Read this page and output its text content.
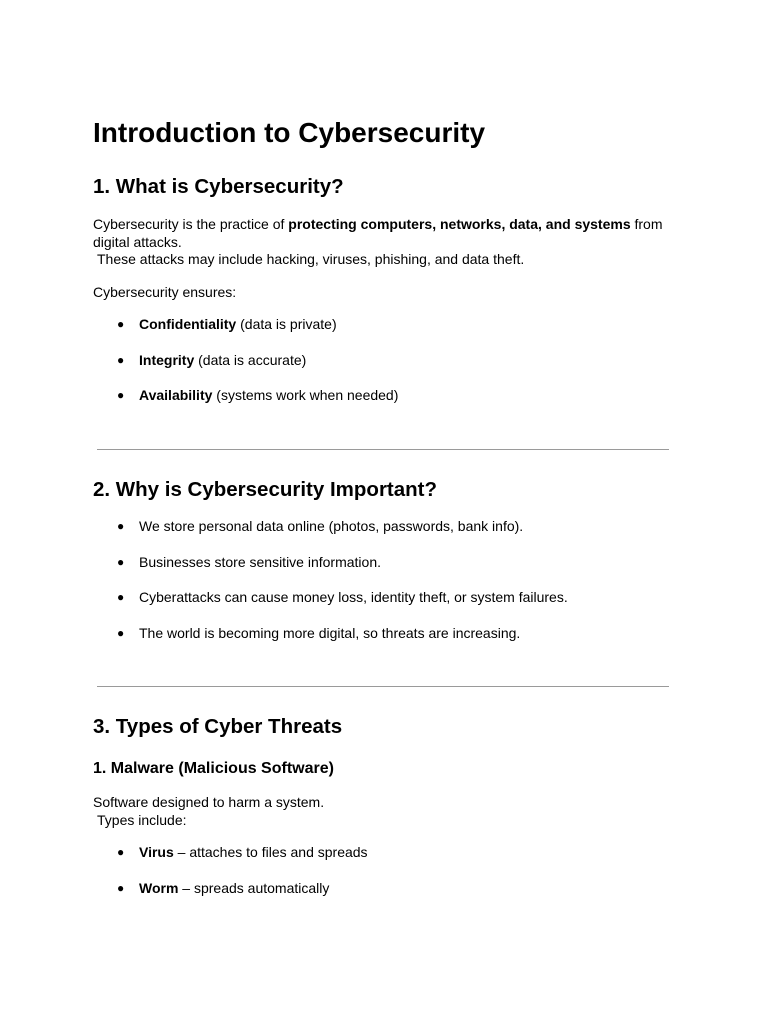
Introduction to Cybersecurity
1. What is Cybersecurity?

Cybersecurity is the practice of protecting computers, networks, data, and systems from
digital attacks.
These attacks may include hacking, viruses, phishing, and data theft.

Cybersecurity ensures:

● Confidentiality (data is private)
● Integrity (data is accurate)
● Availability (systems work when needed)
2. Why is Cybersecurity Important?
● We store personal data online (photos, passwords, bank info).
● Businesses store sensitive information.
● Cyberattacks can cause money loss, identity theft, or system failures.
● The world is becoming more digital, so threats are increasing.
3. Types of Cyber Threats
1. Malware (Malicious Software)

Software designed to harm a system.
Types include:

● Virus – attaches to files and spreads
● Worm – spreads automatically
